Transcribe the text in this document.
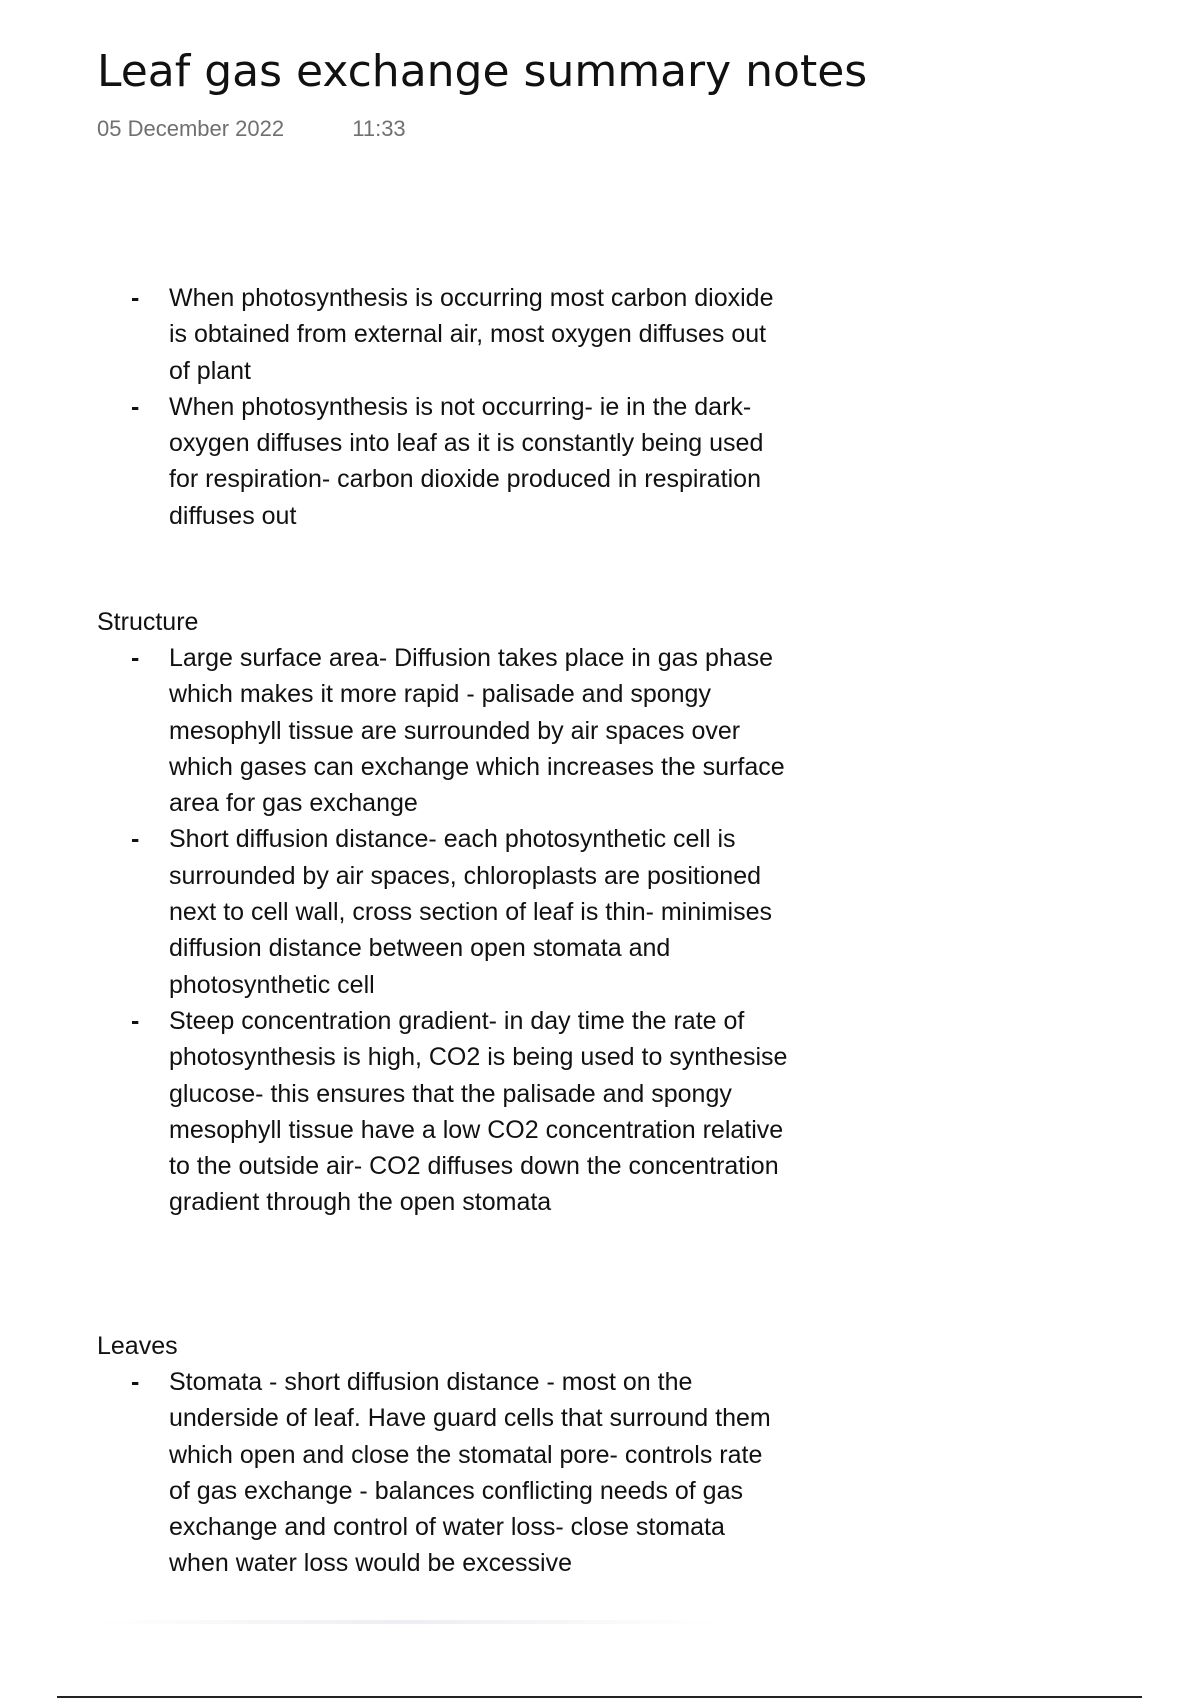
Leaf gas exchange summary notes
05 December 2022	11:33
-	When photosynthesis is occurring most carbon dioxide is obtained from external air, most oxygen diffuses out of plant
-	When photosynthesis is not occurring- ie in the dark- oxygen diffuses into leaf as it is constantly being used for respiration- carbon dioxide produced in respiration diffuses out
Structure
-	Large surface area- Diffusion takes place in gas phase which makes it more rapid - palisade and spongy mesophyll tissue are surrounded by air spaces over which gases can exchange which increases the surface area for gas exchange
-	Short diffusion distance- each photosynthetic cell is surrounded by air spaces, chloroplasts are positioned next to cell wall, cross section of leaf is thin- minimises diffusion distance between open stomata and photosynthetic cell
-	Steep concentration gradient- in day time the rate of photosynthesis is high, CO2 is being used to synthesise glucose- this ensures that the palisade and spongy mesophyll tissue have a low CO2 concentration relative to the outside air- CO2 diffuses down the concentration gradient through the open stomata
Leaves
-	Stomata - short diffusion distance - most on the underside of leaf. Have guard cells that surround them which open and close the stomatal pore- controls rate of gas exchange - balances conflicting needs of gas exchange and control of water loss- close stomata when water loss would be excessive
